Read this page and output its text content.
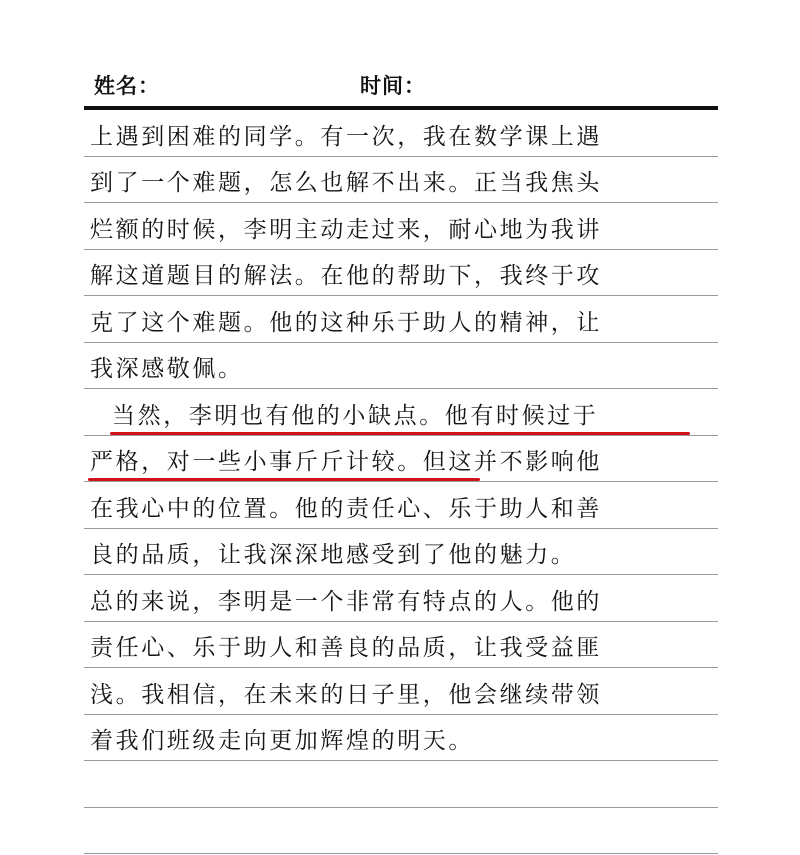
姓名：	时间：
上遇到困难的同学。有一次，我在数学课上遇
到了一个难题，怎么也解不出来。正当我焦头
烂额的时候，李明主动走过来，耐心地为我讲
解这道题目的解法。在他的帮助下，我终于攻
克了这个难题。他的这种乐于助人的精神，让
我深感敬佩。
当然，李明也有他的小缺点。他有时候过于
严格，对一些小事斤斤计较。但这并不影响他
在我心中的位置。他的责任心、乐于助人和善
良的品质，让我深深地感受到了他的魅力。
总的来说，李明是一个非常有特点的人。他的
责任心、乐于助人和善良的品质，让我受益匪
浅。我相信，在未来的日子里，他会继续带领
着我们班级走向更加辉煌的明天。
